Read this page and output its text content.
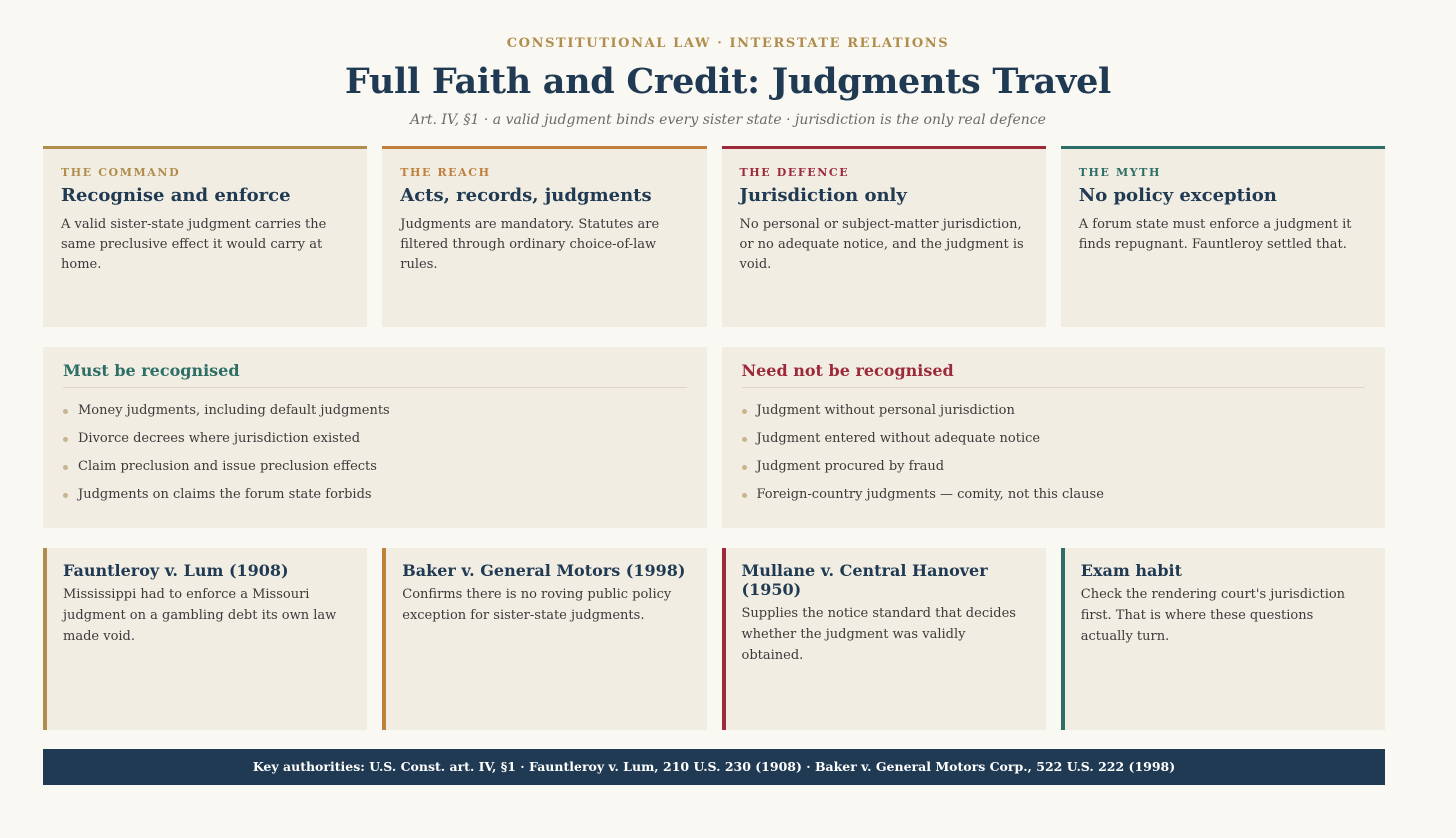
CONSTITUTIONAL LAW · INTERSTATE RELATIONS
Full Faith and Credit: Judgments Travel
Art. IV, §1 · a valid judgment binds every sister state · jurisdiction is the only real defence
THE COMMAND
Recognise and enforce
A valid sister-state judgment carries the same preclusive effect it would carry at home.
THE REACH
Acts, records, judgments
Judgments are mandatory. Statutes are filtered through ordinary choice-of-law rules.
THE DEFENCE
Jurisdiction only
No personal or subject-matter jurisdiction, or no adequate notice, and the judgment is void.
THE MYTH
No policy exception
A forum state must enforce a judgment it finds repugnant. Fauntleroy settled that.
Must be recognised
Money judgments, including default judgments
Divorce decrees where jurisdiction existed
Claim preclusion and issue preclusion effects
Judgments on claims the forum state forbids
Need not be recognised
Judgment without personal jurisdiction
Judgment entered without adequate notice
Judgment procured by fraud
Foreign-country judgments — comity, not this clause
Fauntleroy v. Lum (1908)
Mississippi had to enforce a Missouri judgment on a gambling debt its own law made void.
Baker v. General Motors (1998)
Confirms there is no roving public policy exception for sister-state judgments.
Mullane v. Central Hanover (1950)
Supplies the notice standard that decides whether the judgment was validly obtained.
Exam habit
Check the rendering court's jurisdiction first. That is where these questions actually turn.
Key authorities: U.S. Const. art. IV, §1 · Fauntleroy v. Lum, 210 U.S. 230 (1908) · Baker v. General Motors Corp., 522 U.S. 222 (1998)
